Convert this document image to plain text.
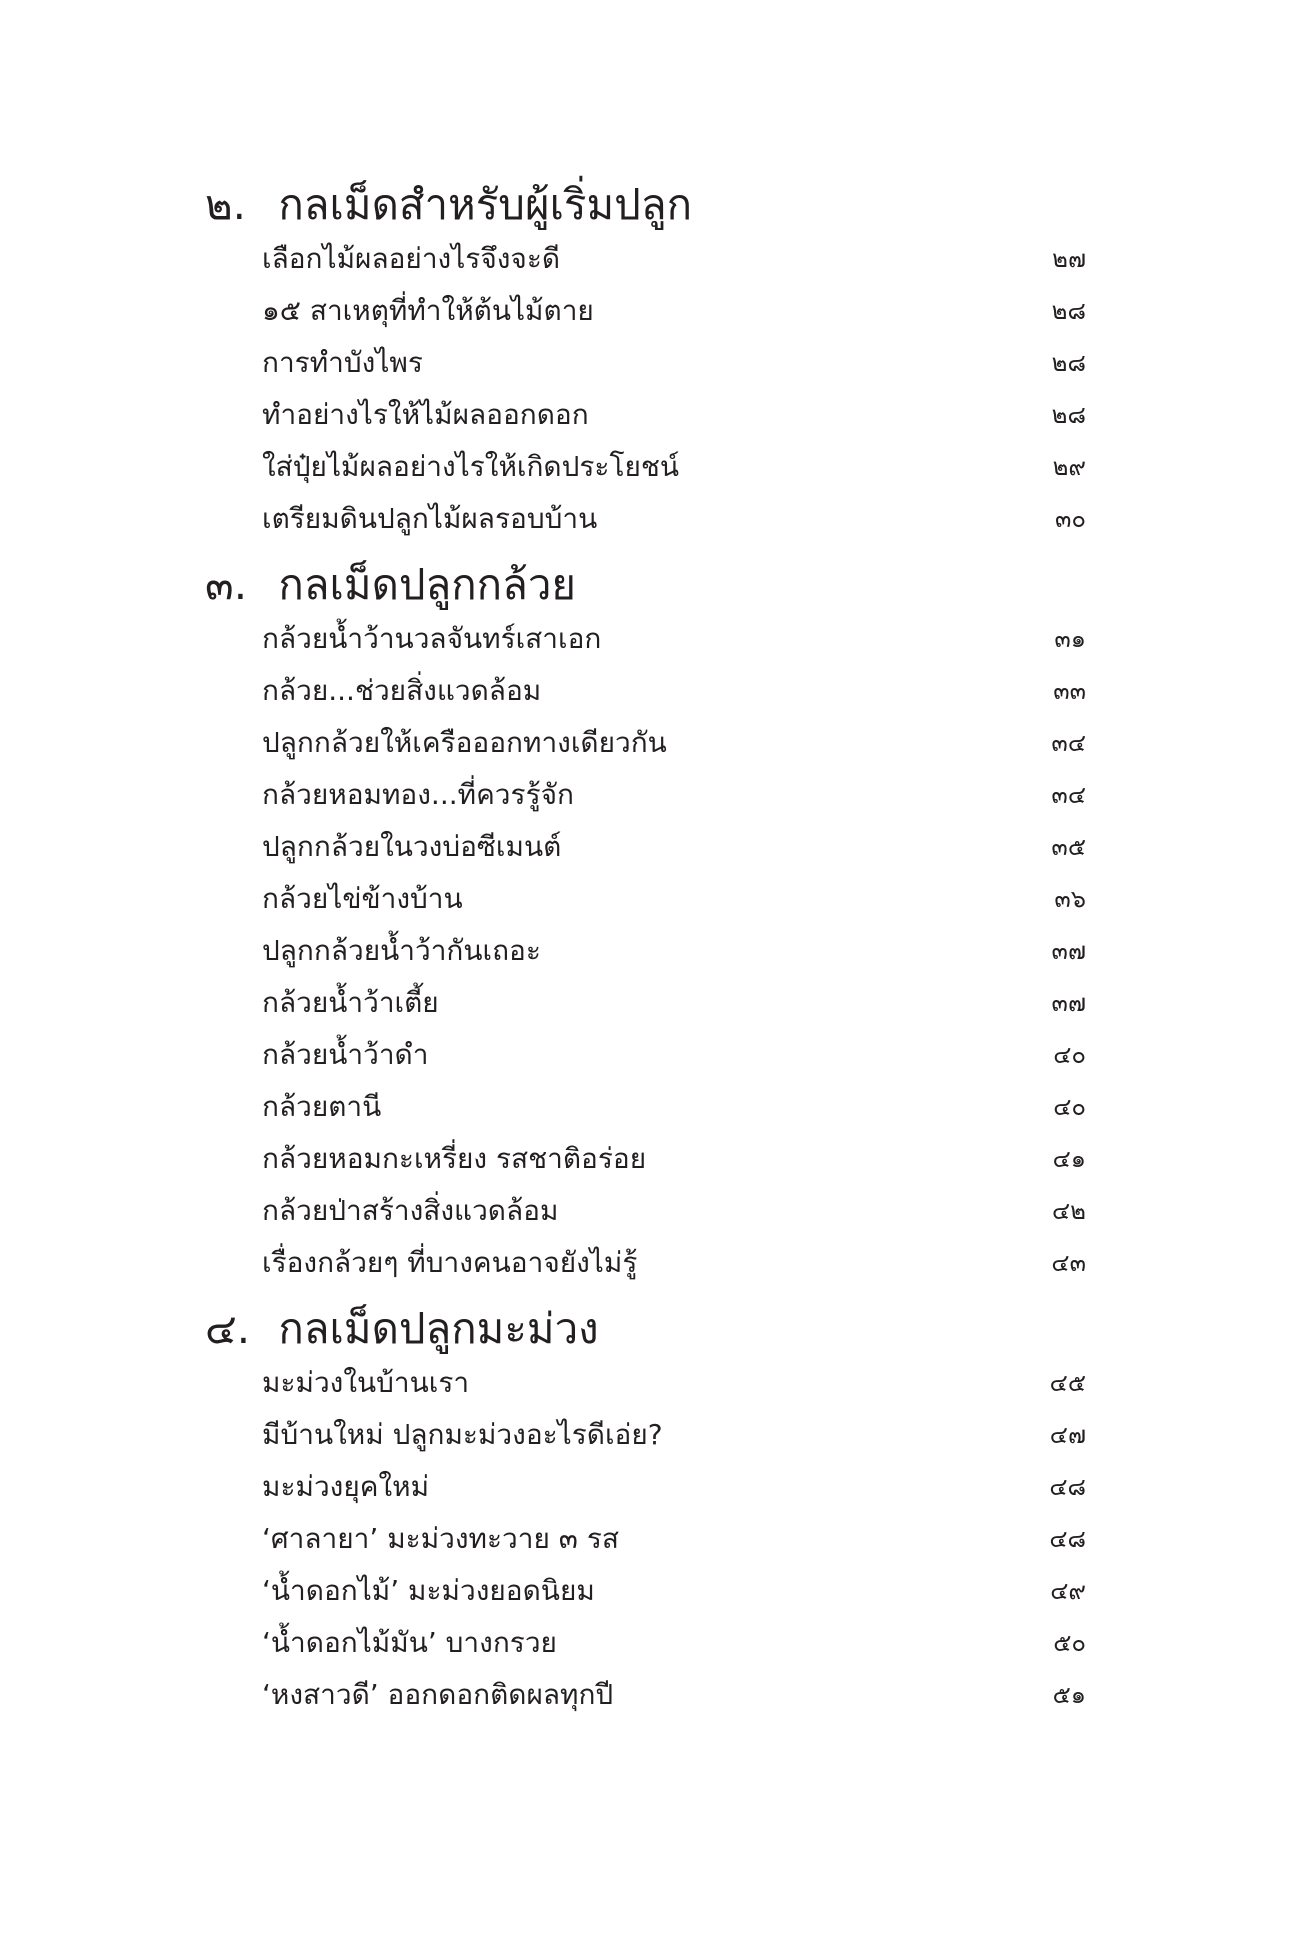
๒. กลเม็ดสำหรับผู้เริ่มปลูก
เลือกไม้ผลอย่างไรจึงจะดี	๒๗
๑๕ สาเหตุที่ทำให้ต้นไม้ตาย	๒๘
การทำบังไพร	๒๘
ทำอย่างไรให้ไม้ผลออกดอก	๒๘
ใส่ปุ๋ยไม้ผลอย่างไรให้เกิดประโยชน์	๒๙
เตรียมดินปลูกไม้ผลรอบบ้าน	๓๐
๓. กลเม็ดปลูกกล้วย
กล้วยน้ำว้านวลจันทร์เสาเอก	๓๑
กล้วย...ช่วยสิ่งแวดล้อม	๓๓
ปลูกกล้วยให้เครือออกทางเดียวกัน	๓๔
กล้วยหอมทอง...ที่ควรรู้จัก	๓๔
ปลูกกล้วยในวงบ่อซีเมนต์	๓๕
กล้วยไข่ข้างบ้าน	๓๖
ปลูกกล้วยน้ำว้ากันเถอะ	๓๗
กล้วยน้ำว้าเตี้ย	๓๗
กล้วยน้ำว้าดำ	๔๐
กล้วยตานี	๔๐
กล้วยหอมกะเหรี่ยง รสชาติอร่อย	๔๑
กล้วยป่าสร้างสิ่งแวดล้อม	๔๒
เรื่องกล้วยๆ ที่บางคนอาจยังไม่รู้	๔๓
๔. กลเม็ดปลูกมะม่วง
มะม่วงในบ้านเรา	๔๕
มีบ้านใหม่ ปลูกมะม่วงอะไรดีเอ่ย?	๔๗
มะม่วงยุคใหม่	๔๘
‘ศาลายา’ มะม่วงทะวาย ๓ รส	๔๘
‘น้ำดอกไม้’ มะม่วงยอดนิยม	๔๙
‘น้ำดอกไม้มัน’ บางกรวย	๕๐
‘หงสาวดี’ ออกดอกติดผลทุกปี	๕๑
